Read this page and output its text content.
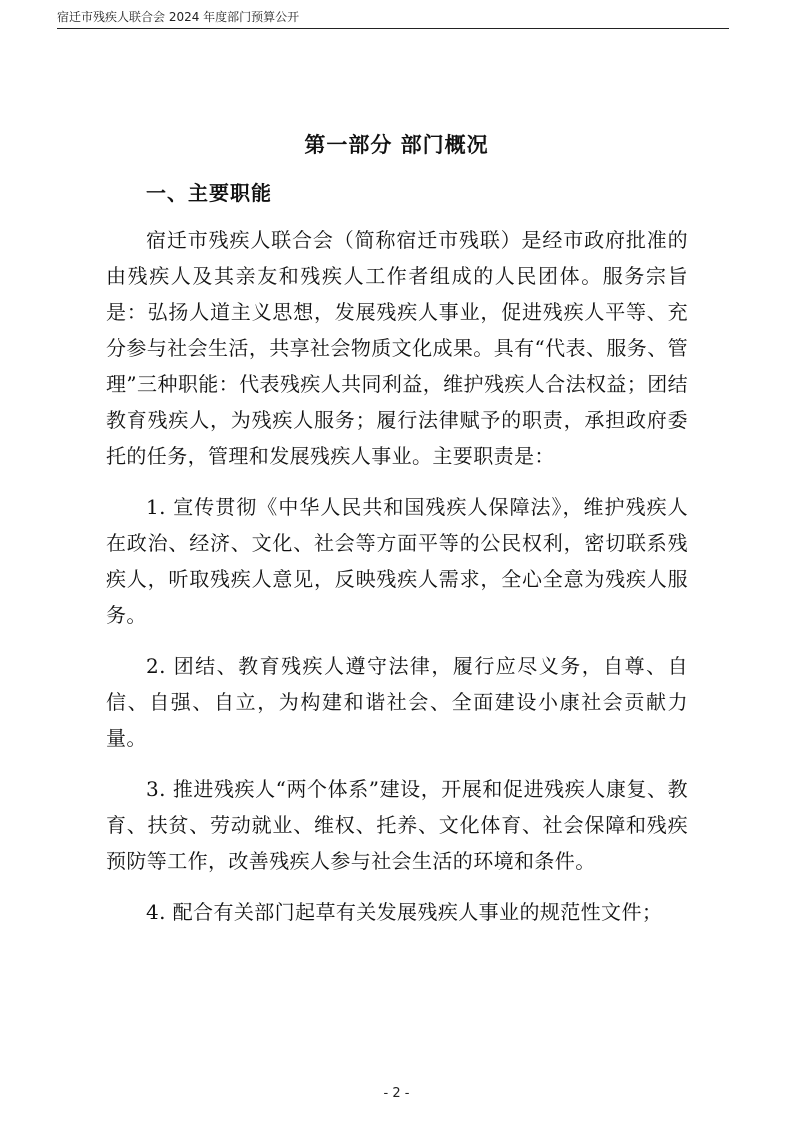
宿迁市残疾人联合会 2024 年度部门预算公开
第一部分 部门概况
一、主要职能

宿迁市残疾人联合会（简称宿迁市残联）是经市政府批准的由残疾人及其亲友和残疾人工作者组成的人民团体。服务宗旨是：弘扬人道主义思想，发展残疾人事业，促进残疾人平等、充分参与社会生活，共享社会物质文化成果。具有“代表、服务、管理”三种职能：代表残疾人共同利益，维护残疾人合法权益；团结教育残疾人，为残疾人服务；履行法律赋予的职责，承担政府委托的任务，管理和发展残疾人事业。主要职责是：

1. 宣传贯彻《中华人民共和国残疾人保障法》，维护残疾人在政治、经济、文化、社会等方面平等的公民权利，密切联系残疾人，听取残疾人意见，反映残疾人需求，全心全意为残疾人服务。

2. 团结、教育残疾人遵守法律，履行应尽义务，自尊、自信、自强、自立，为构建和谐社会、全面建设小康社会贡献力量。

3. 推进残疾人“两个体系”建设，开展和促进残疾人康复、教育、扶贫、劳动就业、维权、托养、文化体育、社会保障和残疾预防等工作，改善残疾人参与社会生活的环境和条件。

4. 配合有关部门起草有关发展残疾人事业的规范性文件；

- 2 -
